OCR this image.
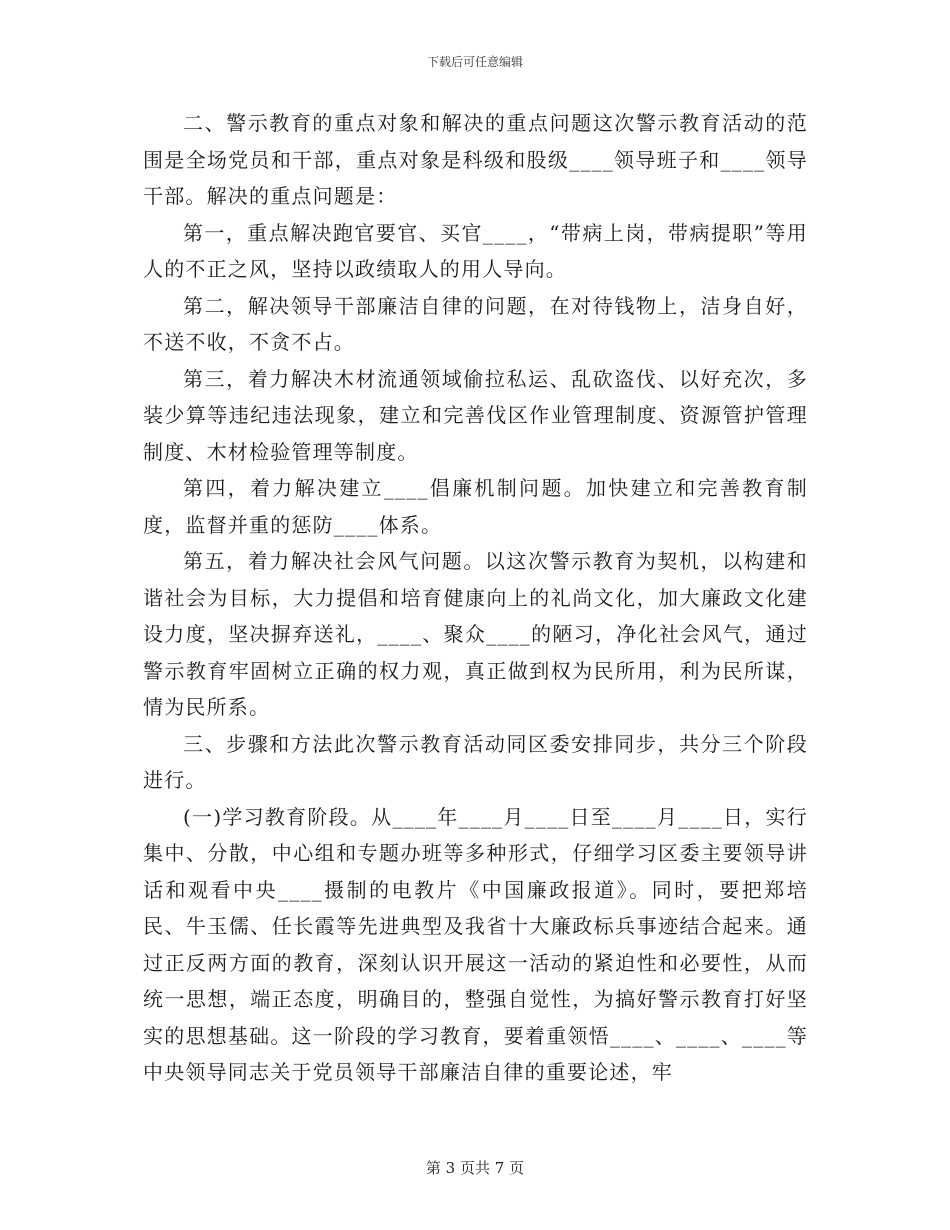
下载后可任意编辑

二、警示教育的重点对象和解决的重点问题这次警示教育活动的范围是全场党员和干部，重点对象是科级和股级____领导班子和____领导干部。解决的重点问题是：

第一，重点解决跑官要官、买官____，“带病上岗，带病提职”等用人的不正之风，坚持以政绩取人的用人导向。

第二，解决领导干部廉洁自律的问题，在对待钱物上，洁身自好，不送不收，不贪不占。

第三，着力解决木材流通领域偷拉私运、乱砍盗伐、以好充次，多装少算等违纪违法现象，建立和完善伐区作业管理制度、资源管护管理制度、木材检验管理等制度。

第四，着力解决建立____倡廉机制问题。加快建立和完善教育制度，监督并重的惩防____体系。

第五，着力解决社会风气问题。以这次警示教育为契机，以构建和谐社会为目标，大力提倡和培育健康向上的礼尚文化，加大廉政文化建设力度，坚决摒弃送礼，____、聚众____的陋习，净化社会风气，通过警示教育牢固树立正确的权力观，真正做到权为民所用，利为民所谋，情为民所系。

三、步骤和方法此次警示教育活动同区委安排同步，共分三个阶段进行。

(一)学习教育阶段。从____年____月____日至____月____日，实行集中、分散，中心组和专题办班等多种形式，仔细学习区委主要领导讲话和观看中央____摄制的电教片《中国廉政报道》。同时，要把郑培民、牛玉儒、任长霞等先进典型及我省十大廉政标兵事迹结合起来。通过正反两方面的教育，深刻认识开展这一活动的紧迫性和必要性，从而统一思想，端正态度，明确目的，整强自觉性，为搞好警示教育打好坚实的思想基础。这一阶段的学习教育，要着重领悟____、____、____等中央领导同志关于党员领导干部廉洁自律的重要论述，牢

第 3 页共 7 页
